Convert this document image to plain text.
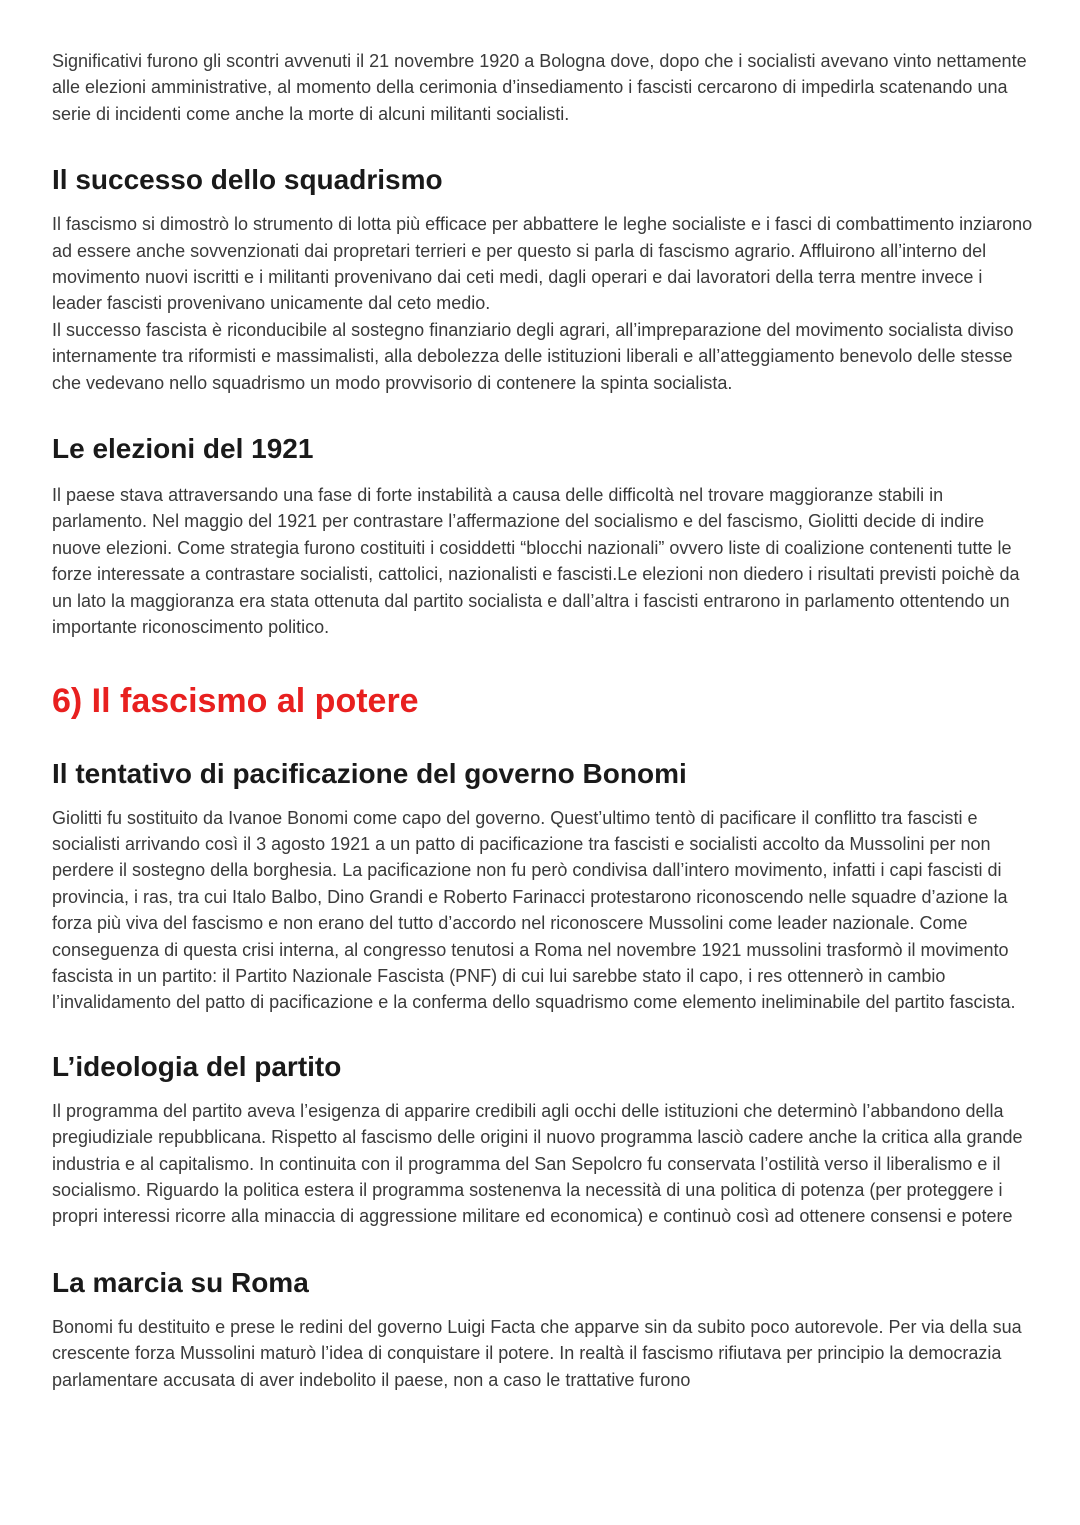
Significativi furono gli scontri avvenuti il 21 novembre 1920 a Bologna dove, dopo che i socialisti avevano vinto nettamente alle elezioni amministrative, al momento della cerimonia d’insediamento i fascisti cercarono di impedirla scatenando una serie di incidenti come anche la morte di alcuni militanti socialisti.

Il successo dello squadrismo

Il fascismo si dimostrò lo strumento di lotta più efficace per abbattere le leghe socialiste e i fasci di combattimento inziarono ad essere anche sovvenzionati dai propretari terrieri e per questo si parla di fascismo agrario. Affluirono all’interno del movimento nuovi iscritti e i militanti provenivano dai ceti medi, dagli operari e dai lavoratori della terra mentre invece i leader fascisti provenivano unicamente dal ceto medio.

Il successo fascista è riconducibile al sostegno finanziario degli agrari, all’impreparazione del movimento socialista diviso internamente tra riformisti e massimalisti, alla debolezza delle istituzioni liberali e all’atteggiamento benevolo delle stesse che vedevano nello squadrismo un modo provvisorio di contenere la spinta socialista.

Le elezioni del 1921

Il paese stava attraversando una fase di forte instabilità a causa delle difficoltà nel trovare maggioranze stabili in parlamento. Nel maggio del 1921 per contrastare l’affermazione del socialismo e del fascismo, Giolitti decide di indire nuove elezioni. Come strategia furono costituiti i cosiddetti “blocchi nazionali” ovvero liste di coalizione contenenti tutte le forze interessate a contrastare socialisti, cattolici, nazionalisti e fascisti.Le elezioni non diedero i risultati previsti poichè da un lato la maggioranza era stata ottenuta dal partito socialista e dall’altra i fascisti entrarono in parlamento ottentendo un importante riconoscimento politico.

6) Il fascismo al potere
Il tentativo di pacificazione del governo Bonomi

Giolitti fu sostituito da Ivanoe Bonomi come capo del governo. Quest’ultimo tentò di pacificare il conflitto tra fascisti e socialisti arrivando così il 3 agosto 1921 a un patto di pacificazione tra fascisti e socialisti accolto da Mussolini per non perdere il sostegno della borghesia. La pacificazione non fu però condivisa dall’intero movimento, infatti i capi fascisti di provincia, i ras, tra cui Italo Balbo, Dino Grandi e Roberto Farinacci protestarono riconoscendo nelle squadre d’azione la forza più viva del fascismo e non erano del tutto d’accordo nel riconoscere Mussolini come leader nazionale. Come conseguenza di questa crisi interna, al congresso tenutosi a Roma nel novembre 1921 mussolini trasformò il movimento fascista in un partito: il Partito Nazionale Fascista (PNF) di cui lui sarebbe stato il capo, i res ottennerò in cambio l’invalidamento del patto di pacificazione e la conferma dello squadrismo come elemento ineliminabile del partito fascista.

L’ideologia del partito

Il programma del partito aveva l’esigenza di apparire credibili agli occhi delle istituzioni che determinò l’abbandono della pregiudiziale repubblicana. Rispetto al fascismo delle origini il nuovo programma lasciò cadere anche la critica alla grande industria e al capitalismo. In continuita con il programma del San Sepolcro fu conservata l’ostilità verso il liberalismo e il socialismo. Riguardo la politica estera il programma sostenenva la necessità di una politica di potenza (per proteggere i propri interessi ricorre alla minaccia di aggressione militare ed economica) e continuò così ad ottenere consensi e potere

La marcia su Roma

Bonomi fu destituito e prese le redini del governo Luigi Facta che apparve sin da subito poco autorevole. Per via della sua crescente forza Mussolini maturò l’idea di conquistare il potere. In realtà il fascismo rifiutava per principio la democrazia parlamentare accusata di aver indebolito il paese, non a caso le trattative furono
